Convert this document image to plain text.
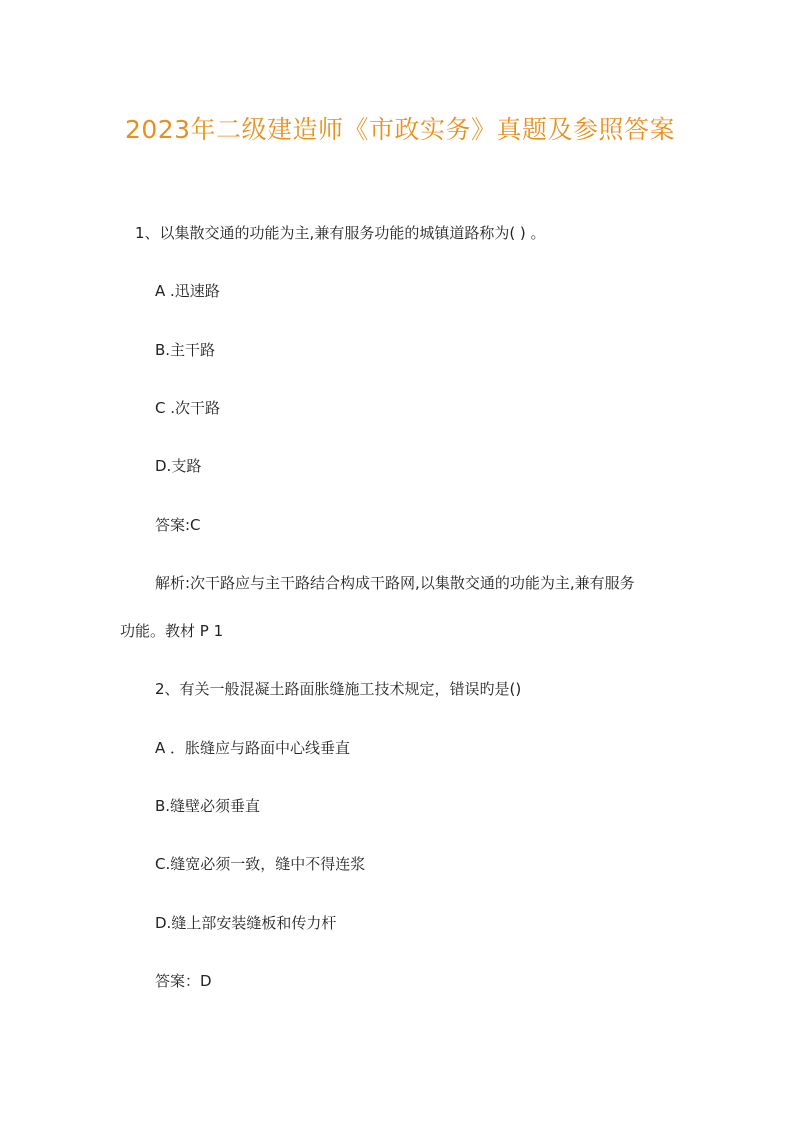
2023年二级建造师《市政实务》真题及参照答案
1、以集散交通的功能为主,兼有服务功能的城镇道路称为( ) 。
A .迅速路
B.主干路
C .次干路
D.支路
答案:C
解析:次干路应与主干路结合构成干路网,以集散交通的功能为主,兼有服务
功能。教材 P 1
2、有关一般混凝土路面胀缝施工技术规定，错误旳是()
A ．胀缝应与路面中心线垂直
B.缝壁必须垂直
C.缝宽必须一致，缝中不得连浆
D.缝上部安装缝板和传力杆
答案：D
